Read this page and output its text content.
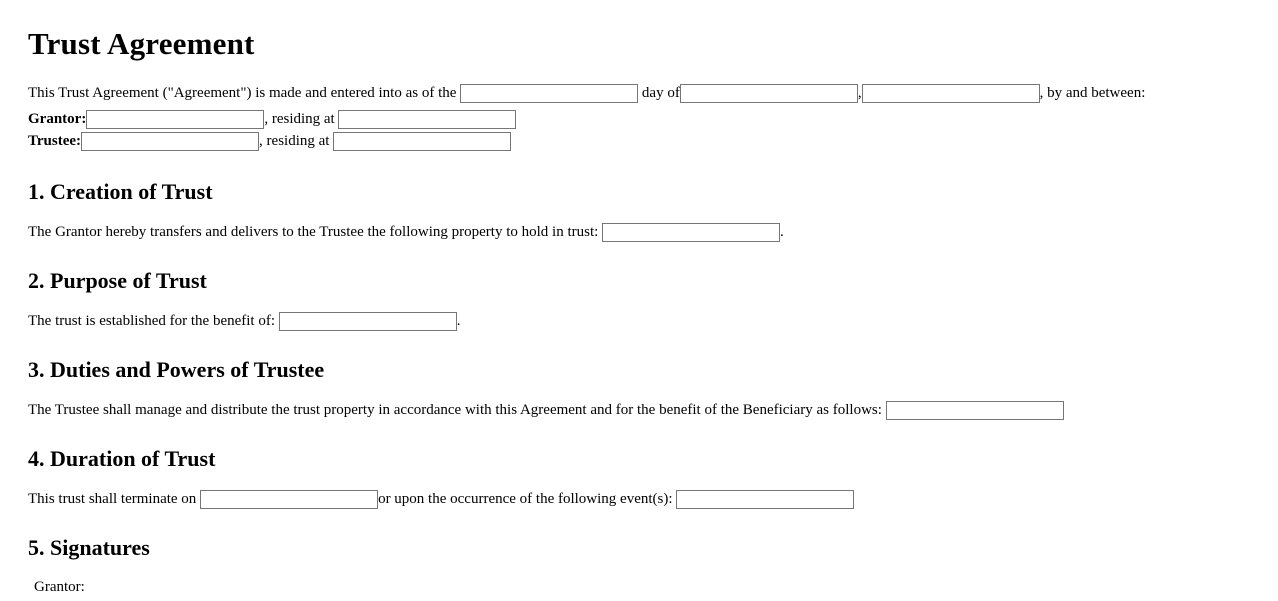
Trust Agreement

This Trust Agreement ("Agreement") is made and entered into as of the	day of	,	, by and between:

Grantor:	, residing at

Trustee:	, residing at

1. Creation of Trust

The Grantor hereby transfers and delivers to the Trustee the following property to hold in trust:	.

2. Purpose of Trust

The trust is established for the benefit of:	.

3. Duties and Powers of Trustee

The Trustee shall manage and distribute the trust property in accordance with this Agreement and for the benefit of the Beneficiary as follows:

4. Duration of Trust

This trust shall terminate on	or upon the occurrence of the following event(s):

5. Signatures
Grantor:
